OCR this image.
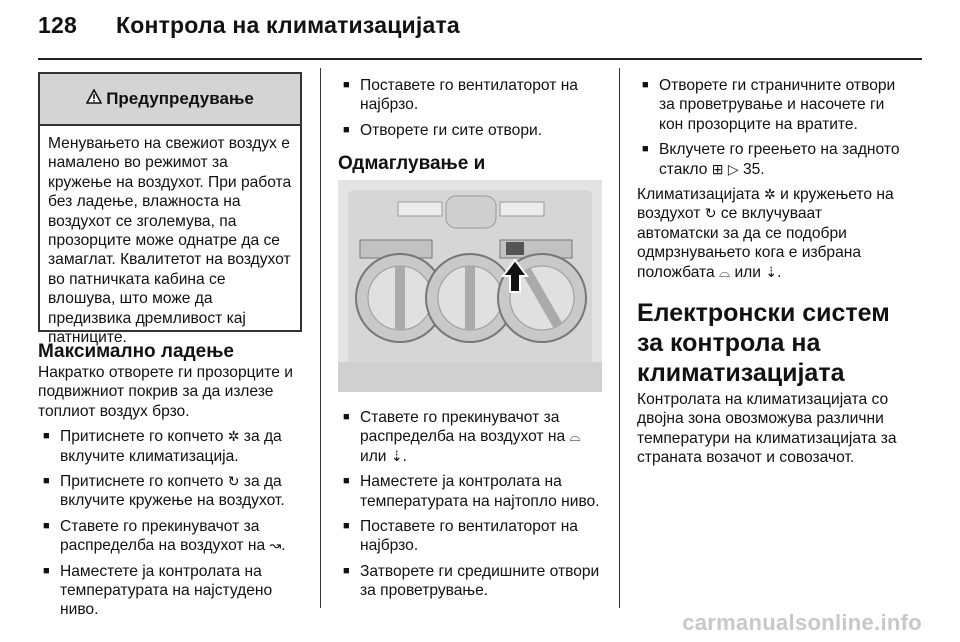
128 Контрола на климатизацијата
Предупредување
Менувањето на свежиот воздух е намалено во режимот за кружење на воздухот. При работа без ладење, влажноста на воздухот се зголемува, па прозорците може однатре да се замаглат. Квалитетот на воздухот во патничката кабина се влошува, што може да предизвика дремливост кај патниците.
Максимално ладење

Накратко отворете ги прозорците и подвижниот покрив за да излезе топлиот воздух брзо.

■ Притиснете го копчето ✲ за да вклучите климатизација.
■ Притиснете го копчето ↻ за да вклучите кружење на воздухот.
■ Ставете го прекинувачот за распределба на воздухот на ↝.
■ Наместете ја контролата на температурата на најстудено ниво.
■ Поставете го вентилаторот на најбрзо.
■ Отворете ги сите отвори.
Одмаглување и
■ Ставете го прекинувачот за распределба на воздухот на ⌓ или ⇣.
■ Наместете ја контролата на температурата на најтопло ниво.
■ Поставете го вентилаторот на најбрзо.
■ Затворете ги средишните отвори за проветрување.
■ Отворете ги страничните отвори за проветрување и насочете ги кон прозорците на вратите.
■ Вклучете го греењето на задното стакло ⊞ ▷ 35.

Климатизацијата ✲ и кружењето на воздухот ↻ се вклучуваат автоматски за да се подобри одмрзнувањето кога е избрана положбата ⌓ или ⇣.

Електронски систем за контрола на климатизацијата

Контролата на климатизацијата со двојна зона овозможува различни температури на климатизацијата за страната возачот и совозачот.

carmanualsonline.info
